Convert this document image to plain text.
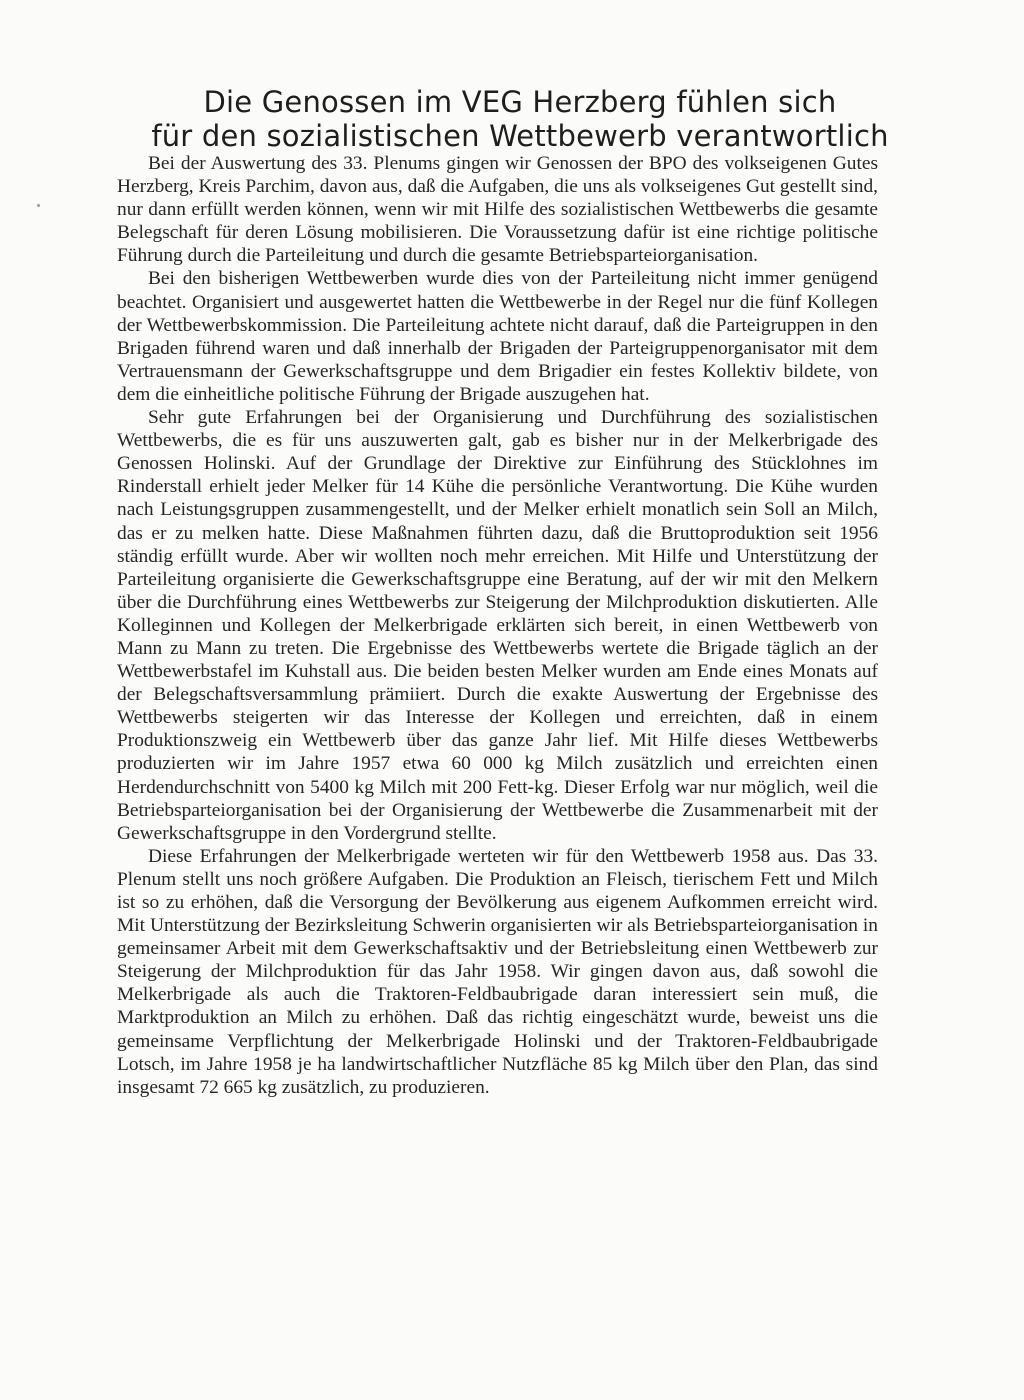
Die Genossen im VEG Herzberg fühlen sich
für den sozialistischen Wettbewerb verantwortlich

Bei der Auswertung des 33. Plenums gingen wir Genossen der BPO des volkseigenen Gutes Herzberg, Kreis Parchim, davon aus, daß die Aufgaben, die uns als volkseigenes Gut gestellt sind, nur dann erfüllt werden können, wenn wir mit Hilfe des sozialistischen Wettbewerbs die gesamte Belegschaft für deren Lösung mobilisieren. Die Voraussetzung dafür ist eine richtige politische Führung durch die Parteileitung und durch die gesamte Betriebsparteiorganisation.

Bei den bisherigen Wettbewerben wurde dies von der Parteileitung nicht immer genügend beachtet. Organisiert und ausgewertet hatten die Wettbewerbe in der Regel nur die fünf Kollegen der Wettbewerbskommission. Die Parteileitung achtete nicht darauf, daß die Parteigruppen in den Brigaden führend waren und daß innerhalb der Brigaden der Parteigruppenorganisator mit dem Vertrauensmann der Gewerkschaftsgruppe und dem Brigadier ein festes Kollektiv bildete, von dem die einheitliche politische Führung der Brigade auszugehen hat.

Sehr gute Erfahrungen bei der Organisierung und Durchführung des sozialistischen Wettbewerbs, die es für uns auszuwerten galt, gab es bisher nur in der Melkerbrigade des Genossen Holinski. Auf der Grundlage der Direktive zur Einführung des Stücklohnes im Rinderstall erhielt jeder Melker für 14 Kühe die persönliche Verantwortung. Die Kühe wurden nach Leistungsgruppen zusammengestellt, und der Melker erhielt monatlich sein Soll an Milch, das er zu melken hatte. Diese Maßnahmen führten dazu, daß die Bruttoproduktion seit 1956 ständig erfüllt wurde. Aber wir wollten noch mehr erreichen. Mit Hilfe und Unterstützung der Parteileitung organisierte die Gewerkschaftsgruppe eine Beratung, auf der wir mit den Melkern über die Durchführung eines Wettbewerbs zur Steigerung der Milchproduktion diskutierten. Alle Kolleginnen und Kollegen der Melkerbrigade erklärten sich bereit, in einen Wettbewerb von Mann zu Mann zu treten. Die Ergebnisse des Wettbewerbs wertete die Brigade täglich an der Wettbewerbstafel im Kuhstall aus. Die beiden besten Melker wurden am Ende eines Monats auf der Belegschaftsversammlung prämiiert. Durch die exakte Auswertung der Ergebnisse des Wettbewerbs steigerten wir das Interesse der Kollegen und erreichten, daß in einem Produktionszweig ein Wettbewerb über das ganze Jahr lief. Mit Hilfe dieses Wettbewerbs produzierten wir im Jahre 1957 etwa 60 000 kg Milch zusätzlich und erreichten einen Herdendurchschnitt von 5400 kg Milch mit 200 Fett-kg. Dieser Erfolg war nur möglich, weil die Betriebsparteiorganisation bei der Organisierung der Wettbewerbe die Zusammenarbeit mit der Gewerkschaftsgruppe in den Vordergrund stellte.

Diese Erfahrungen der Melkerbrigade werteten wir für den Wettbewerb 1958 aus. Das 33. Plenum stellt uns noch größere Aufgaben. Die Produktion an Fleisch, tierischem Fett und Milch ist so zu erhöhen, daß die Versorgung der Bevölkerung aus eigenem Aufkommen erreicht wird. Mit Unterstützung der Bezirksleitung Schwerin organisierten wir als Betriebsparteiorganisation in gemeinsamer Arbeit mit dem Gewerkschaftsaktiv und der Betriebsleitung einen Wettbewerb zur Steigerung der Milchproduktion für das Jahr 1958. Wir gingen davon aus, daß sowohl die Melkerbrigade als auch die Traktoren-Feldbaubrigade daran interessiert sein muß, die Marktproduktion an Milch zu erhöhen. Daß das richtig eingeschätzt wurde, beweist uns die gemeinsame Verpflichtung der Melkerbrigade Holinski und der Traktoren-Feldbaubrigade Lotsch, im Jahre 1958 je ha landwirtschaftlicher Nutzfläche 85 kg Milch über den Plan, das sind insgesamt 72 665 kg zusätzlich, zu produzieren.
